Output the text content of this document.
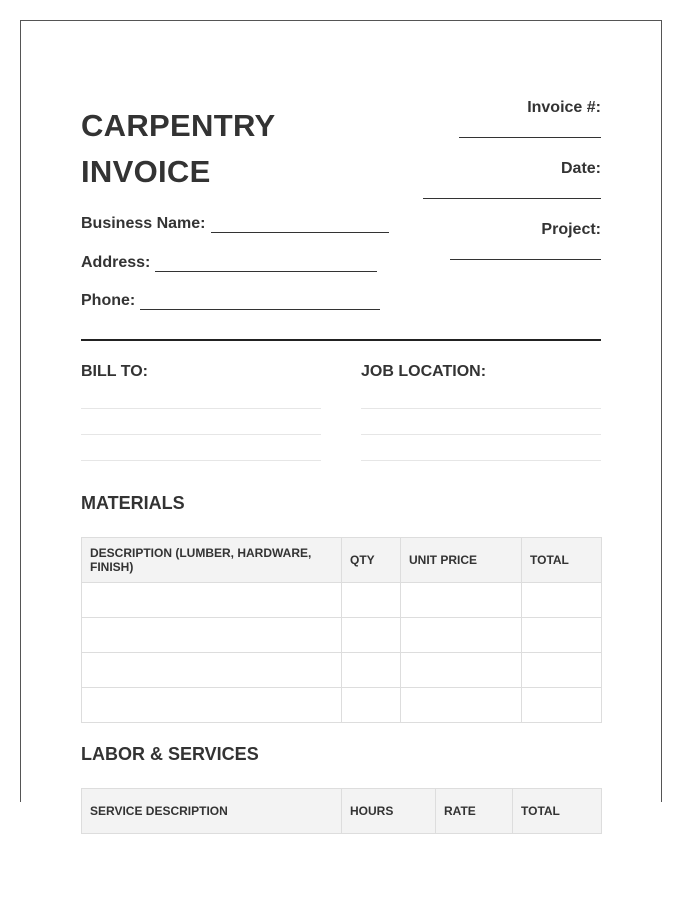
CARPENTRY
INVOICE
Business Name:
Address:
Phone:
Invoice #:
Date:
Project:
BILL TO:	JOB LOCATION:
MATERIALS
DESCRIPTION (LUMBER, HARDWARE, FINISH)	QTY	UNIT PRICE	TOTAL

LABOR & SERVICES
SERVICE DESCRIPTION	HOURS	RATE	TOTAL
